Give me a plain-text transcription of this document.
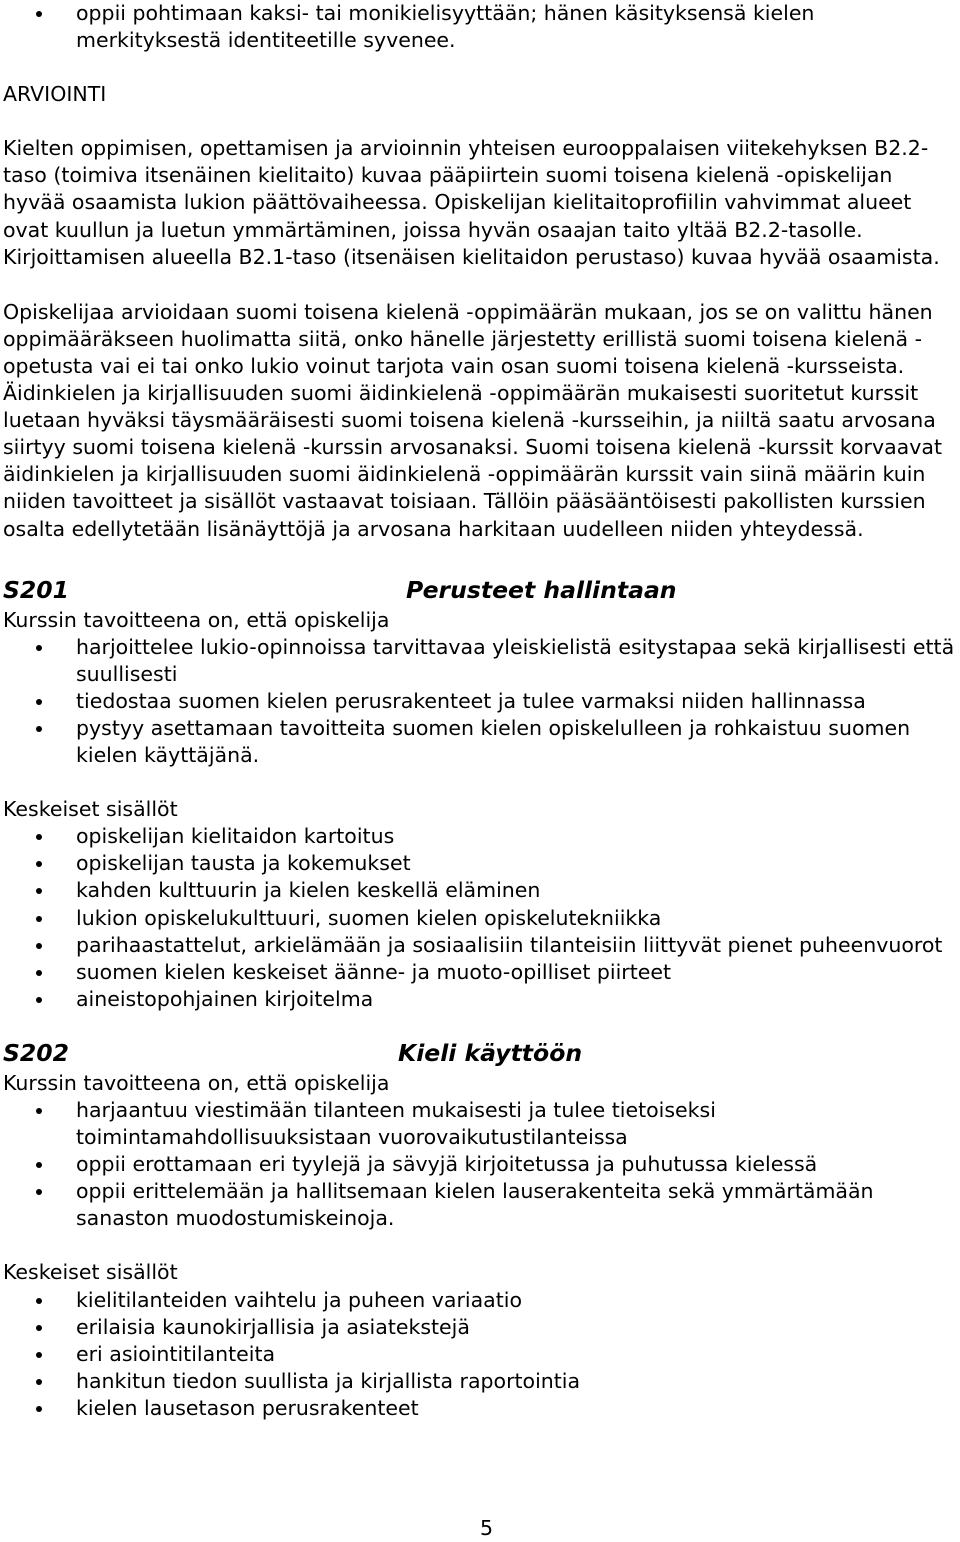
oppii pohtimaan kaksi- tai monikielisyyttään; hänen käsityksensä kielen merkityksestä identiteetille syvenee.

ARVIOINTI

Kielten oppimisen, opettamisen ja arvioinnin yhteisen eurooppalaisen viitekehyksen B2.2-taso (toimiva itsenäinen kielitaito) kuvaa pääpiirtein suomi toisena kielenä -opiskelijan hyvää osaamista lukion päättövaiheessa. Opiskelijan kielitaitoprofiilin vahvimmat alueet ovat kuullun ja luetun ymmärtäminen, joissa hyvän osaajan taito yltää B2.2-tasolle. Kirjoittamisen alueella B2.1-taso (itsenäisen kielitaidon perustaso) kuvaa hyvää osaamista.

Opiskelijaa arvioidaan suomi toisena kielenä -oppimäärän mukaan, jos se on valittu hänen oppimääräkseen huolimatta siitä, onko hänelle järjestetty erillistä suomi toisena kielenä -opetusta vai ei tai onko lukio voinut tarjota vain osan suomi toisena kielenä -kursseista. Äidinkielen ja kirjallisuuden suomi äidinkielenä -oppimäärän mukaisesti suoritetut kurssit luetaan hyväksi täysmääräisesti suomi toisena kielenä -kursseihin, ja niiltä saatu arvosana siirtyy suomi toisena kielenä -kurssin arvosanaksi. Suomi toisena kielenä -kurssit korvaavat äidinkielen ja kirjallisuuden suomi äidinkielenä -oppimäärän kurssit vain siinä määrin kuin niiden tavoitteet ja sisällöt vastaavat toisiaan. Tällöin pääsääntöisesti pakollisten kurssien osalta edellytetään lisänäyttöjä ja arvosana harkitaan uudelleen niiden yhteydessä.

S201	Perusteet hallintaan

Kurssin tavoitteena on, että opiskelija

harjoittelee lukio-opinnoissa tarvittavaa yleiskielistä esitystapaa sekä kirjallisesti että suullisesti
tiedostaa suomen kielen perusrakenteet ja tulee varmaksi niiden hallinnassa
pystyy asettamaan tavoitteita suomen kielen opiskelulleen ja rohkaistuu suomen kielen käyttäjänä.

Keskeiset sisällöt

opiskelijan kielitaidon kartoitus
opiskelijan tausta ja kokemukset
kahden kulttuurin ja kielen keskellä eläminen
lukion opiskelukulttuuri, suomen kielen opiskelutekniikka
parihaastattelut, arkielämään ja sosiaalisiin tilanteisiin liittyvät pienet puheenvuorot
suomen kielen keskeiset äänne- ja muoto-opilliset piirteet
aineistopohjainen kirjoitelma
S202	Kieli käyttöön

Kurssin tavoitteena on, että opiskelija

harjaantuu viestimään tilanteen mukaisesti ja tulee tietoiseksi toimintamahdollisuuksistaan vuorovaikutustilanteissa
oppii erottamaan eri tyylejä ja sävyjä kirjoitetussa ja puhutussa kielessä
oppii erittelemään ja hallitsemaan kielen lauserakenteita sekä ymmärtämään sanaston muodostumiskeinoja.

Keskeiset sisällöt

kielitilanteiden vaihtelu ja puheen variaatio
erilaisia kaunokirjallisia ja asiatekstejä
eri asiointitilanteita
hankitun tiedon suullista ja kirjallista raportointia
kielen lausetason perusrakenteet
5
